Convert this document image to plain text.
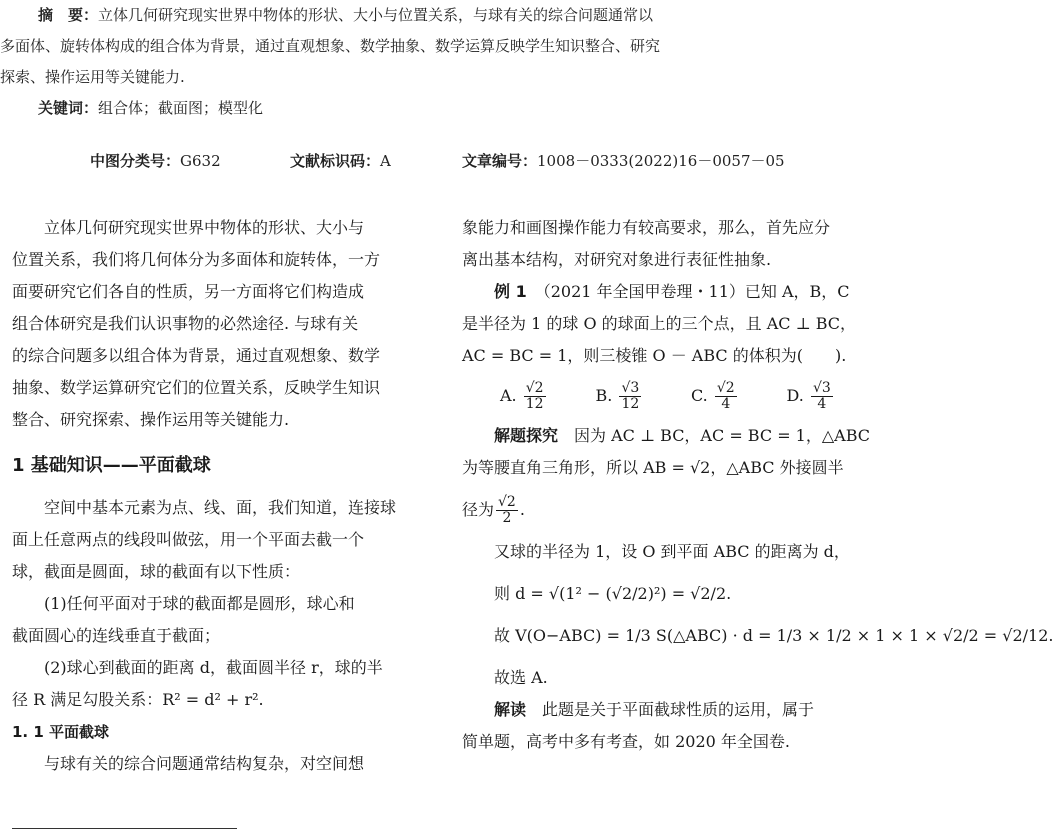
摘　要：立体几何研究现实世界中物体的形状、大小与位置关系，与球有关的综合问题通常以

多面体、旋转体构成的组合体为背景，通过直观想象、数学抽象、数学运算反映学生知识整合、研究

探索、操作运用等关键能力.

关键词：组合体；截面图；模型化

中图分类号：G632	文献标识码：A	文章编号：1008－0333(2022)16－0057－05

立体几何研究现实世界中物体的形状、大小与

位置关系，我们将几何体分为多面体和旋转体，一方

面要研究它们各自的性质，另一方面将它们构造成

组合体研究是我们认识事物的必然途径. 与球有关

的综合问题多以组合体为背景，通过直观想象、数学

抽象、数学运算研究它们的位置关系，反映学生知识

整合、研究探索、操作运用等关键能力.

1 基础知识——平面截球

空间中基本元素为点、线、面，我们知道，连接球

面上任意两点的线段叫做弦，用一个平面去截一个

球，截面是圆面，球的截面有以下性质：

(1)任何平面对于球的截面都是圆形，球心和

截面圆心的连线垂直于截面；

(2)球心到截面的距离 d，截面圆半径 r，球的半

径 R 满足勾股关系：R² = d² + r².

1. 1 平面截球

与球有关的综合问题通常结构复杂，对空间想

象能力和画图操作能力有较高要求，那么，首先应分

离出基本结构，对研究对象进行表征性抽象.

例 1　 （2021 年全国甲卷理・11）已知 A，B，C

是半径为 1 的球 O 的球面上的三个点，且 AC ⊥ BC，

AC = BC = 1，则三棱锥 O － ABC 的体积为(　　).

A. $\frac{√2}{12}$	B. $\frac{√3}{12}$	C. $\frac{√2}{4}$	D. $\frac{√3}{4}$

解题探究　 因为 AC ⊥ BC，AC = BC = 1，△ABC

为等腰直角三角形，所以 AB = √2，△ABC 外接圆半

径为 $\frac{√2}{2}$ .

又球的半径为 1，设 O 到平面 ABC 的距离为 d，

则 d = √(1² − (√2/2)²) = √2/2.

故 V(O−ABC) = 1/3 S(△ABC) · d = 1/3 × 1/2 × 1 × 1 × √2/2 = √2/12.

故选 A.

解读　 此题是关于平面截球性质的运用，属于

简单题，高考中多有考查，如 2020 年全国卷.
